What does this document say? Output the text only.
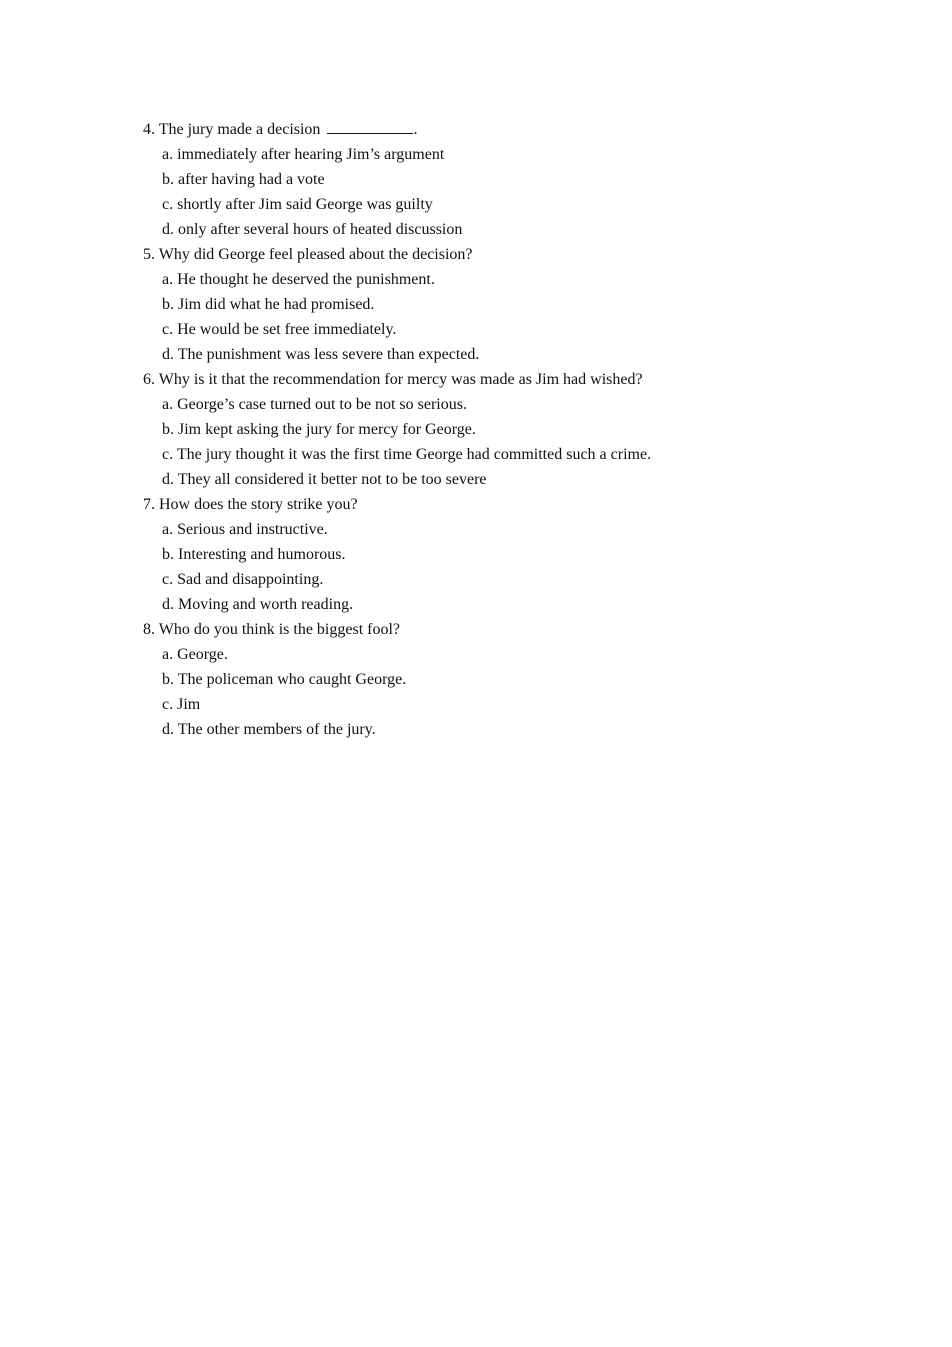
4. The jury made a decision	.
a. immediately after hearing Jim’s argument
b. after having had a vote
c. shortly after Jim said George was guilty
d. only after several hours of heated discussion
5. Why did George feel pleased about the decision?
a. He thought he deserved the punishment.
b. Jim did what he had promised.
c. He would be set free immediately.
d. The punishment was less severe than expected.
6. Why is it that the recommendation for mercy was made as Jim had wished?
a. George’s case turned out to be not so serious.
b. Jim kept asking the jury for mercy for George.
c. The jury thought it was the first time George had committed such a crime.
d. They all considered it better not to be too severe
7. How does the story strike you?
a. Serious and instructive.
b. Interesting and humorous.
c. Sad and disappointing.
d. Moving and worth reading.
8. Who do you think is the biggest fool?
a. George.
b. The policeman who caught George.
c. Jim
d. The other members of the jury.
